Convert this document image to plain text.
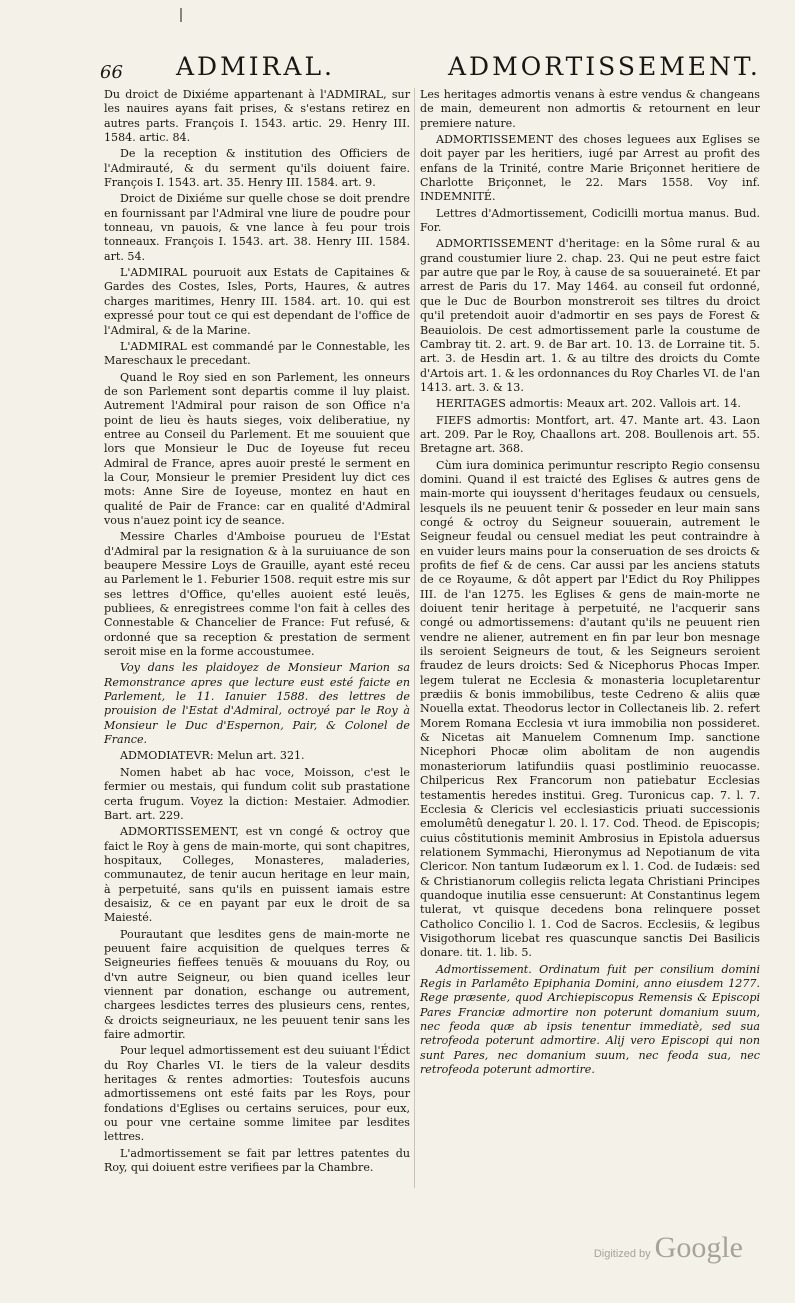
66 ADMIRAL.	ADMORTISSEMENT.

Du droict de Dixiéme appartenant à l'ADMIRAL, sur les nauires ayans fait prises, & s'estans retirez en autres parts. François I. 1543. artic. 29. Henry III. 1584. artic. 84.

De la reception & institution des Officiers de l'Admirauté, & du serment qu'ils doiuent faire. François I. 1543. art. 35. Henry III. 1584. art. 9.

Droict de Dixiéme sur quelle chose se doit prendre en fournissant par l'Admiral vne liure de poudre pour tonneau, vn pauois, & vne lance à feu pour trois tonneaux. François I. 1543. art. 38. Henry III. 1584. art. 54.

L'ADMIRAL pouruoit aux Estats de Capitaines & Gardes des Costes, Isles, Ports, Haures, & autres charges maritimes, Henry III. 1584. art. 10. qui est expressé pour tout ce qui est dependant de l'office de l'Admiral, & de la Marine.

L'ADMIRAL est commandé par le Connestable, les Mareschaux le precedant.

Quand le Roy sied en son Parlement, les onneurs de son Parlement sont departis comme il luy plaist. Autrement l'Admiral pour raison de son Office n'a point de lieu ès hauts sieges, voix deliberatiue, ny entree au Conseil du Parlement. Et me souuient que lors que Monsieur le Duc de Ioyeuse fut receu Admiral de France, apres auoir presté le serment en la Cour, Monsieur le premier President luy dict ces mots: Anne Sire de Ioyeuse, montez en haut en qualité de Pair de France: car en qualité d'Admiral vous n'auez point icy de seance.

Messire Charles d'Amboise pourueu de l'Estat d'Admiral par la resignation & à la suruiuance de son beaupere Messire Loys de Grauille, ayant esté receu au Parlement le 1. Feburier 1508. requit estre mis sur ses lettres d'Office, qu'elles auoient esté leuës, publiees, & enregistrees comme l'on fait à celles des Connestable & Chancelier de France: Fut refusé, & ordonné que sa reception & prestation de serment seroit mise en la forme accoustumee.

Voy dans les plaidoyez de Monsieur Marion sa Remonstrance apres que lecture eust esté faicte en Parlement, le 11. Ianuier 1588. des lettres de prouision de l'Estat d'Admiral, octroyé par le Roy à Monsieur le Duc d'Espernon, Pair, & Colonel de France.

ADMODIATEVR: Melun art. 321.

Nomen habet ab hac voce, Moisson, c'est le fermier ou mestais, qui fundum colit sub prastatione certa frugum. Voyez la diction: Mestaier. Admodier. Bart. art. 229.

ADMORTISSEMENT, est vn congé & octroy que faict le Roy à gens de main-morte, qui sont chapitres, hospitaux, Colleges, Monasteres, maladeries, communautez, de tenir aucun heritage en leur main, à perpetuité, sans qu'ils en puissent iamais estre desaisiz, & ce en payant par eux le droit de sa Maiesté.

Pourautant que lesdites gens de main-morte ne peuuent faire acquisition de quelques terres & Seigneuries fieffees tenuës & mouuans du Roy, ou d'vn autre Seigneur, ou bien quand icelles leur viennent par donation, eschange ou autrement, chargees lesdictes terres des plusieurs cens, rentes, & droicts seigneuriaux, ne les peuuent tenir sans les faire admortir.

Pour lequel admortissement est deu suiuant l'Édict du Roy Charles VI. le tiers de la valeur desdits heritages & rentes admorties: Toutesfois aucuns admortissemens ont esté faits par les Roys, pour fondations d'Eglises ou certains seruices, pour eux, ou pour vne certaine somme limitee par lesdites lettres.

L'admortissement se fait par lettres patentes du Roy, qui doiuent estre verifiees par la Chambre.

Les heritages admortis venans à estre vendus & changeans de main, demeurent non admortis & retournent en leur premiere nature.

ADMORTISSEMENT des choses leguees aux Eglises se doit payer par les heritiers, iugé par Arrest au profit des enfans de la Trinité, contre Marie Briçonnet heritiere de Charlotte Briçonnet, le 22. Mars 1558. Voy inf. INDEMNITÉ.

Lettres d'Admortissement, Codicilli mortua manus. Bud. For.

ADMORTISSEMENT d'heritage: en la Sôme rural & au grand coustumier liure 2. chap. 23. Qui ne peut estre faict par autre que par le Roy, à cause de sa souueraineté. Et par arrest de Paris du 17. May 1464. au conseil fut ordonné, que le Duc de Bourbon monstreroit ses tiltres du droict qu'il pretendoit auoir d'admortir en ses pays de Forest & Beauiolois. De cest admortissement parle la coustume de Cambray tit. 2. art. 9. de Bar art. 10. 13. de Lorraine tit. 5. art. 3. de Hesdin art. 1. & au tiltre des droicts du Comte d'Artois art. 1. & les ordonnances du Roy Charles VI. de l'an 1413. art. 3. & 13.

HERITAGES admortis: Meaux art. 202. Vallois art. 14.

FIEFS admortis: Montfort, art. 47. Mante art. 43. Laon art. 209. Par le Roy, Chaallons art. 208. Boullenois art. 55. Bretagne art. 368.

Cùm iura dominica perimuntur rescripto Regio consensu domini. Quand il est traicté des Eglises & autres gens de main-morte qui iouyssent d'heritages feudaux ou censuels, lesquels ils ne peuuent tenir & posseder en leur main sans congé & octroy du Seigneur souuerain, autrement le Seigneur feudal ou censuel mediat les peut contraindre à en vuider leurs mains pour la conseruation de ses droicts & profits de fief & de cens. Car aussi par les anciens statuts de ce Royaume, & dôt appert par l'Edict du Roy Philippes III. de l'an 1275. les Eglises & gens de main-morte ne doiuent tenir heritage à perpetuité, ne l'acquerir sans congé ou admortissemens: d'autant qu'ils ne peuuent rien vendre ne aliener, autrement en fin par leur bon mesnage ils seroient Seigneurs de tout, & les Seigneurs seroient fraudez de leurs droicts: Sed & Nicephorus Phocas Imper. legem tulerat ne Ecclesia & monasteria locupletarentur prædiis & bonis immobilibus, teste Cedreno & aliis quæ Nouella extat. Theodorus lector in Collectaneis lib. 2. refert Morem Romana Ecclesia vt iura immobilia non possideret. & Nicetas ait Manuelem Comnenum Imp. sanctione Nicephori Phocæ olim abolitam de non augendis monasteriorum latifundiis quasi postliminio reuocasse. Chilpericus Rex Francorum non patiebatur Ecclesias testamentis heredes institui. Greg. Turonicus cap. 7. l. 7. Ecclesia & Clericis vel ecclesiasticis priuati successionis emolumêtû denegatur l. 20. l. 17. Cod. Theod. de Episcopis; cuius côstitutionis meminit Ambrosius in Epistola aduersus relationem Symmachi, Hieronymus ad Nepotianum de vita Clericor. Non tantum Iudæorum ex l. 1. Cod. de Iudæis: sed & Christianorum collegiis relicta legata Christiani Principes quandoque inutilia esse censuerunt: At Constantinus legem tulerat, vt quisque decedens bona relinquere posset Catholico Concilio l. 1. Cod de Sacros. Ecclesiis, & legibus Visigothorum licebat res quascunque sanctis Dei Basilicis donare. tit. 1. lib. 5.

Admortissement. Ordinatum fuit per consilium domini Regis in Parlamêto Epiphania Domini, anno eiusdem 1277. Rege præsente, quod Archiepiscopus Remensis & Episcopi Pares Franciæ admortire non poterunt domanium suum, nec feoda quæ ab ipsis tenentur immediatè, sed sua retrofeoda poterunt admortire. Alij vero Episcopi qui non sunt Pares, nec domanium suum, nec feoda sua, nec retrofeoda poterunt admortire.

Digitized by Google
